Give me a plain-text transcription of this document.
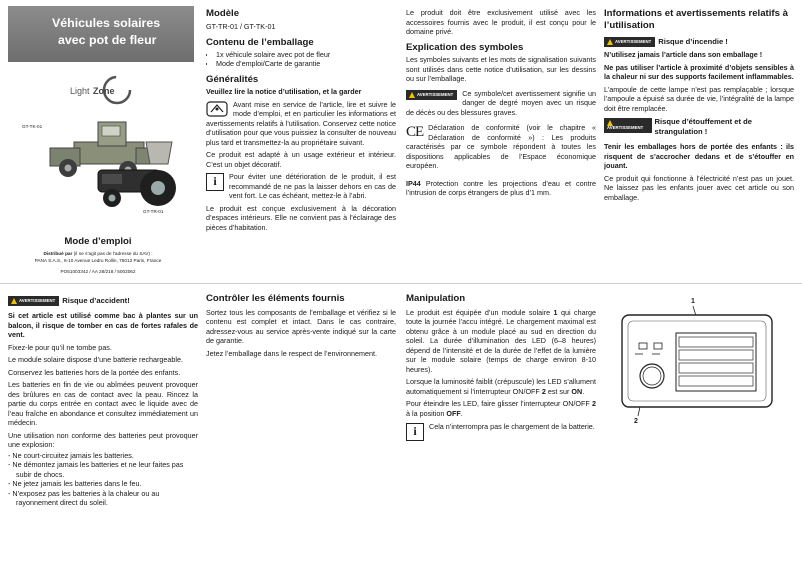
Véhicules solaires
avec pot de fleur
Light Zone
GT-TK-01
GT-TR-01
Mode d’emploi
Distribué par (il ne s’agit pas de l’adresse du SAV) :
PANA S.A.S., 8-10 Avenue Ledru Rollin, 75012 Paris, France
PO51003342 / AA 28/218 / 5002062
Modèle
GT-TR-01 / GT-TK-01
Contenu de l’emballage
• 1x véhicule solaire avec pot de fleur
• Mode d’emploi/Carte de garantie
Généralités
Veuillez lire la notice d’utilisation, et la garder
Avant mise en service de l’article, lire et suivre le mode d’emploi, et en particulier les informations et avertissements relatifs à l’utilisation. Conservez cette notice d’utilisation pour que vous puissiez la consulter de nouveau plus tard et transmettez-la au propriétaire suivant.
Ce produit est adapté à un usage extérieur et intérieur. C’est un objet décoratif.
i	Pour éviter une détérioration de le produit, il est recommandé de ne pas la laisser dehors en cas de vent fort. Le cas échéant, mettez-le à l’abri.
Le produit est conçue exclusivement à la décoration d’espaces intérieurs. Elle ne convient pas à l’éclairage des pièces d’habitation.
Le produit doit être exclusivement utilisé avec les accessoires fournis avec le produit, il est conçu pour le domaine privé.
Explication des symboles
Les symboles suivants et les mots de signalisation suivants sont utilisés dans cette notice d’utilisation, sur les dessins ou sur l’emballage.
AVERTISSEMENT	Ce symbole/cet avertissement signifie un danger de degré moyen avec un risque de décès ou des blessures graves.
CE Déclaration de conformité (voir le chapitre « Déclaration de conformité ») : Les produits caractérisés par ce symbole répondent à toutes les dispositions applicables de l’Espace économique européen.
IP44 Protection contre les projections d’eau et contre l’intrusion de corps étrangers de plus d’1 mm.
Informations et avertissements relatifs à l’utilisation
AVERTISSEMENT Risque d’incendie !
N’utilisez jamais l’article dans son emballage !
Ne pas utiliser l’article à proximité d’objets sensibles à la chaleur ni sur des supports facilement inflammables.
L’ampoule de cette lampe n’est pas remplaçable ; lorsque l’ampoule a épuisé sa durée de vie, l’intégralité de la lampe doit être remplacée.
AVERTISSEMENT
Risque d’étouffement et de strangulation !
Tenir les emballages hors de portée des enfants : ils risquent de s’accrocher dedans et de s’étouffer en jouant.
Ce produit qui fonctionne à l’électricité n’est pas un jouet. Ne laissez pas les enfants jouer avec cet article ou son emballage.
AVERTISSEMENT Risque d’accident!
Si cet article est utilisé comme bac à plantes sur un balcon, il risque de tomber en cas de fortes rafales de vent.
Fixez-le pour qu’il ne tombe pas.
Le module solaire dispose d’une batterie rechargeable.
Conservez les batteries hors de la portée des enfants.
Les batteries en fin de vie ou abîmées peuvent provoquer des brûlures en cas de contact avec la peau. Rincez la partie du corps entrée en contact avec le liquide avec de l’eau fraîche en abondance et consultez immédiatement un médecin.
Une utilisation non conforme des batteries peut provoquer une explosion:
- Ne court-circuitez jamais les batteries.
- Ne démontez jamais les batteries et ne leur faites pas subir de chocs.
- Ne jetez jamais les batteries dans le feu.
- N’exposez pas les batteries à la chaleur ou au rayonnement direct du soleil.
Contrôler les éléments fournis
Sortez tous les composants de l’emballage et vérifiez si le contenu est complet et intact. Dans le cas contraire, adressez-vous au service après-vente indiqué sur la carte de garantie.
Jetez l’emballage dans le respect de l’environnement.
Manipulation
Le produit est équipée d’un module solaire 1 qui charge toute la journée l’accu intégré. Le chargement maximal est obtenu grâce à un module placé au sud en direction du soleil. La durée d’illumination des LED (6–8 heures) dépend de l’intensité et de la durée de l’effet de la lumière sur le module solaire (temps de charge environ 8-10 heures).
Lorsque la luminosité faiblit (crépuscule) les LED s’allument automatiquement si l’interrupteur ON/OFF 2 est sur ON.
Pour éteindre les LED, faire glisser l’interrupteur ON/OFF 2 à la position OFF.
i	Cela n’interrompra pas le chargement de la batterie.
1
2
